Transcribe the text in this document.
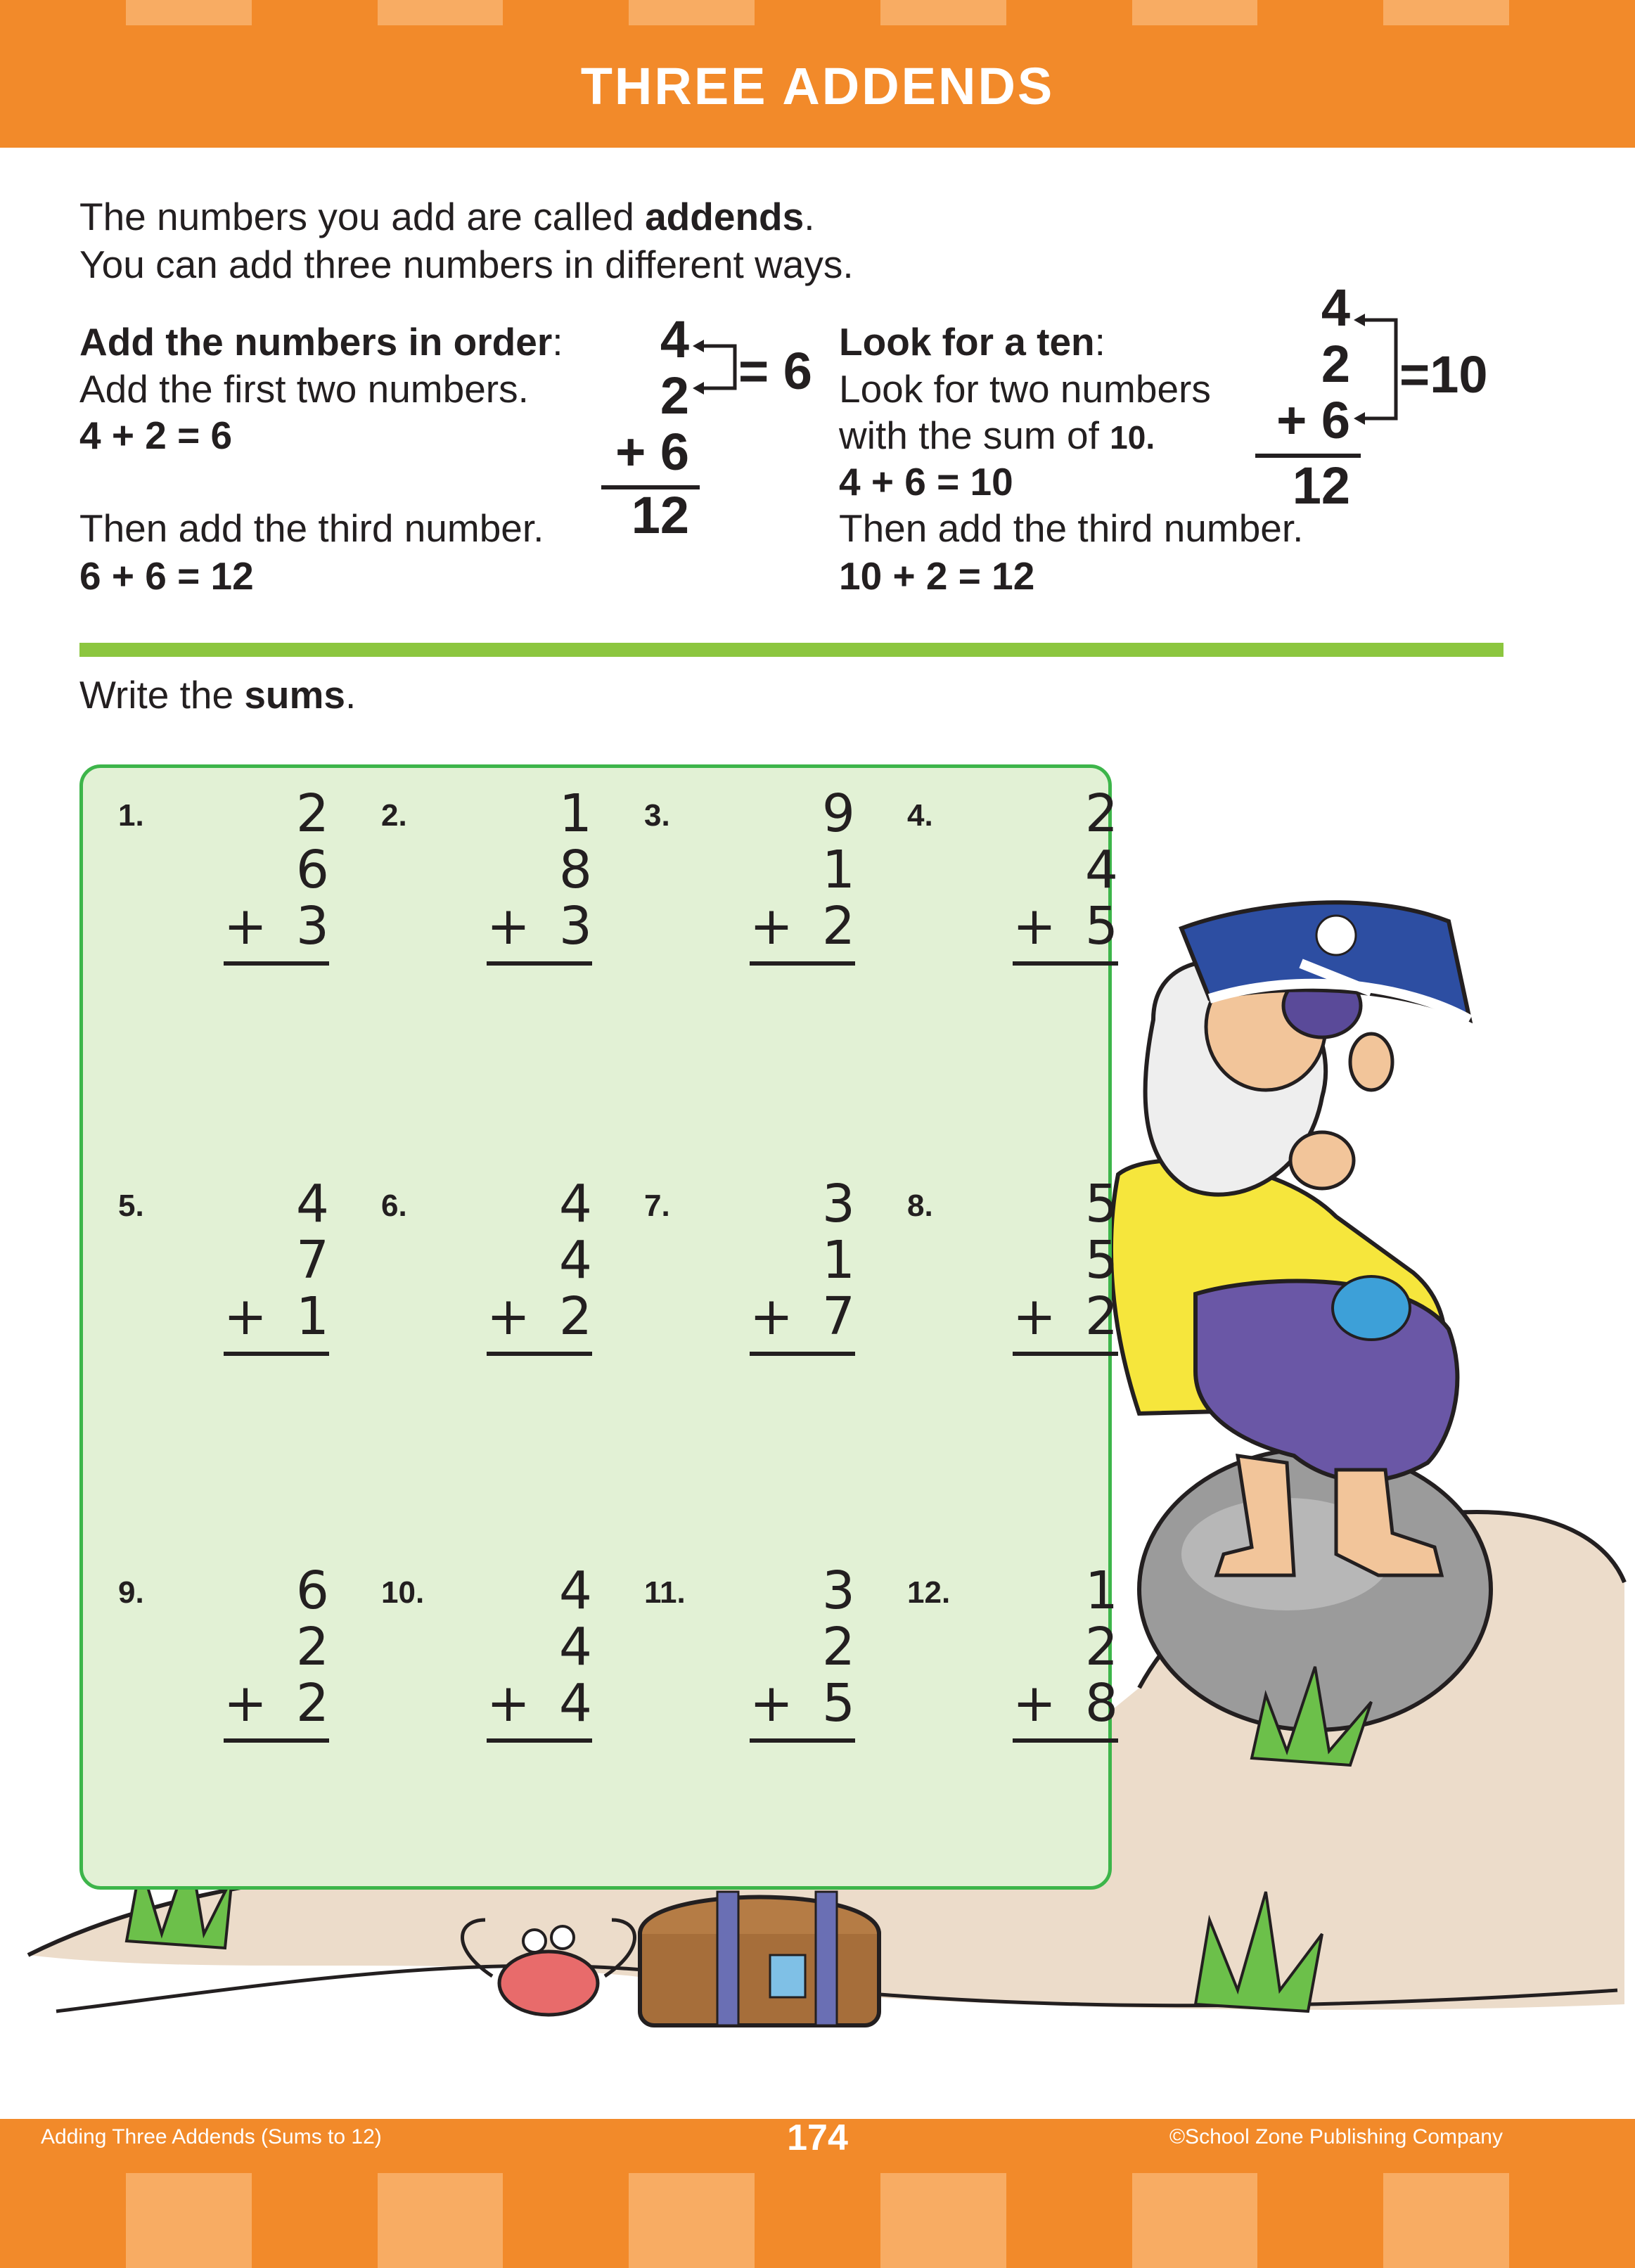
THREE ADDENDS
The numbers you add are called addends.
You can add three numbers in different ways.
Add the numbers in order:
Add the first two numbers.
4 + 2 = 6
Then add the third number.
6 + 6 = 12
4
2
+ 6
12
= 6 Look for a ten:
Look for two numbers
with the sum of 10.
4 + 6 = 10
Then add the third number.
10 + 2 = 12
4
2
+ 6
12
=10
Write the sums.
1.	2
6
+ 3
2.	1
8
+ 3
3.	9
1
+ 2
4.	2
4
+ 5
5.	4
7
+ 1
6.	4
4
+ 2
7.	3
1
+ 7
8.	5
5
+ 2
9.	6
2
+ 2
10.	4
4
+ 4
11.	3
2
+ 5
12.	1
2
+ 8
Adding Three Addends (Sums to 12)	174	©School Zone Publishing Company
